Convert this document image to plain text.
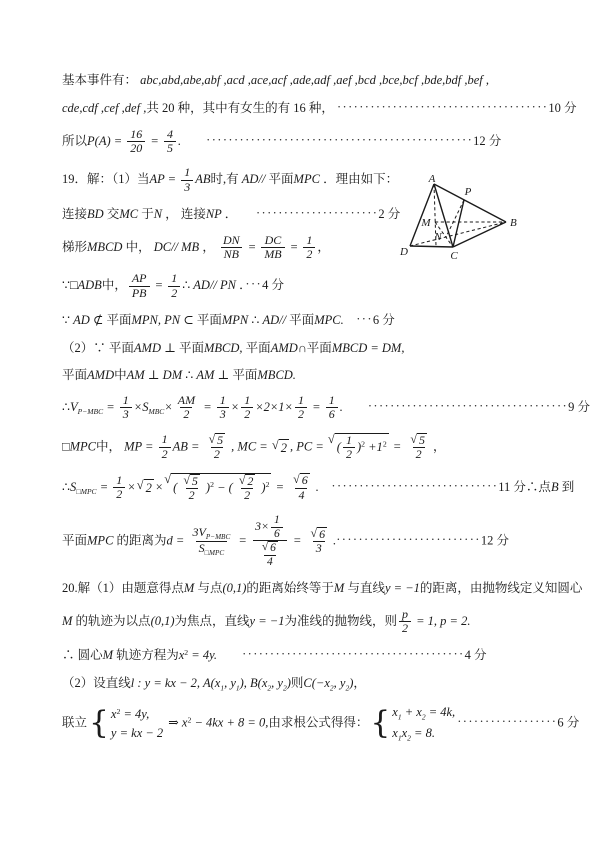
基本事件有： abc,abd,abe,abf ,acd ,ace,acf ,ade,adf ,aef ,bcd ,bce,bcf ,bde,bdf ,bef ,
cde,cdf ,cef ,def ,共 20 种，其中有女生的有 16 种， ······································10 分
所以$P(A) = \frac{16}{20} = \frac{4}{5}$ .　　 ················································12 分
19．解：（1）当AP = $\frac{1}{3}$ AB时,有 AD// 平面MPC ．理由如下：
连接BD 交MC 于N ， 连接NP ．　　······················2 分
梯形MBCD 中， DC// MB ， $\frac{DN}{NB} = \frac{DC}{MB} = \frac{1}{2}$ ，
∵□ADB中， $\frac{AP}{PB} = \frac{1}{2}$ ∴ AD// PN ．···4 分
∵ AD ⊄ 平面MPN, PN ⊂ 平面MPN ∴ AD// 平面MPC.　 ···6 分
（2）∵ 平面AMD ⊥ 平面MBCD, 平面AMD∩平面MBCD = DM,
平面AMD中AM ⊥ DM ∴ AM ⊥ 平面MBCD.
$\therefore V_{P-MBC} = \frac{1}{3} \times S_{MBC}\times \frac{AM}{2} = \frac{1}{3} \times \frac{1}{2} \times 2\times 1\times \frac{1}{2} = \frac{1}{6}$ .　　 ····································9 分
□MPC中， MP = $\frac{1}{2}$ AB = $\frac{√ 5}{2}$ , MC = √ 2 , PC =
√
( $\frac{1}{2} )^2 +1^2 = \frac{√ 5}{2}$ ，
$\therefore S_{□MPC} = \frac{1}{2}$ × √ 2 ×
√
( $\frac{√ 5}{2} )^2$ − ( $\frac{√ 2}{2} )^2 = \frac{√ 6}{4}$ .　 ······························11 分∴点B 到
平面MPC 的距离为$d = \frac{3V_{P-MBC}}{S_{□MPC}} = \frac{3\times \frac{1}{6}}{\frac{√ 6}{4}} = \frac{√ 6}{3} .\cdot\cdot\cdot\cdot\cdot\cdot\cdot\cdot\cdot\cdot\cdot\cdot\cdot\cdot\cdot\cdot\cdot\cdot\cdot\cdot\cdot\cdot\cdot\cdot\cdot\cdot 12$ 分
20.解（1）由题意得点M 与点(0,1)的距离始终等于M 与直线y = −1的距离，由抛物线定义知圆心
M 的轨迹为以点(0,1)为焦点，直线y = −1为准线的抛物线，则 $\frac{p}{2} = 1$, p = 2.
∴ 圆心M 轨迹方程为$x^2 = 4y$.　　 ········································4 分
（2）设直线l : y = kx − 2, $A(x_1$, $y_1$), $B(x_2$, $y_2$)则$C(-x_2$, $y_2$)，
联立 { $x^2 = 4y$,
y = kx − 2
⇒ $x^2 - 4kx + 8 = 0$,由求根公式得得： { $x_1 + x_2 = 4k$,
$x_1x_2 = 8$.
··················6 分
A
P
B
C
D
M
N
